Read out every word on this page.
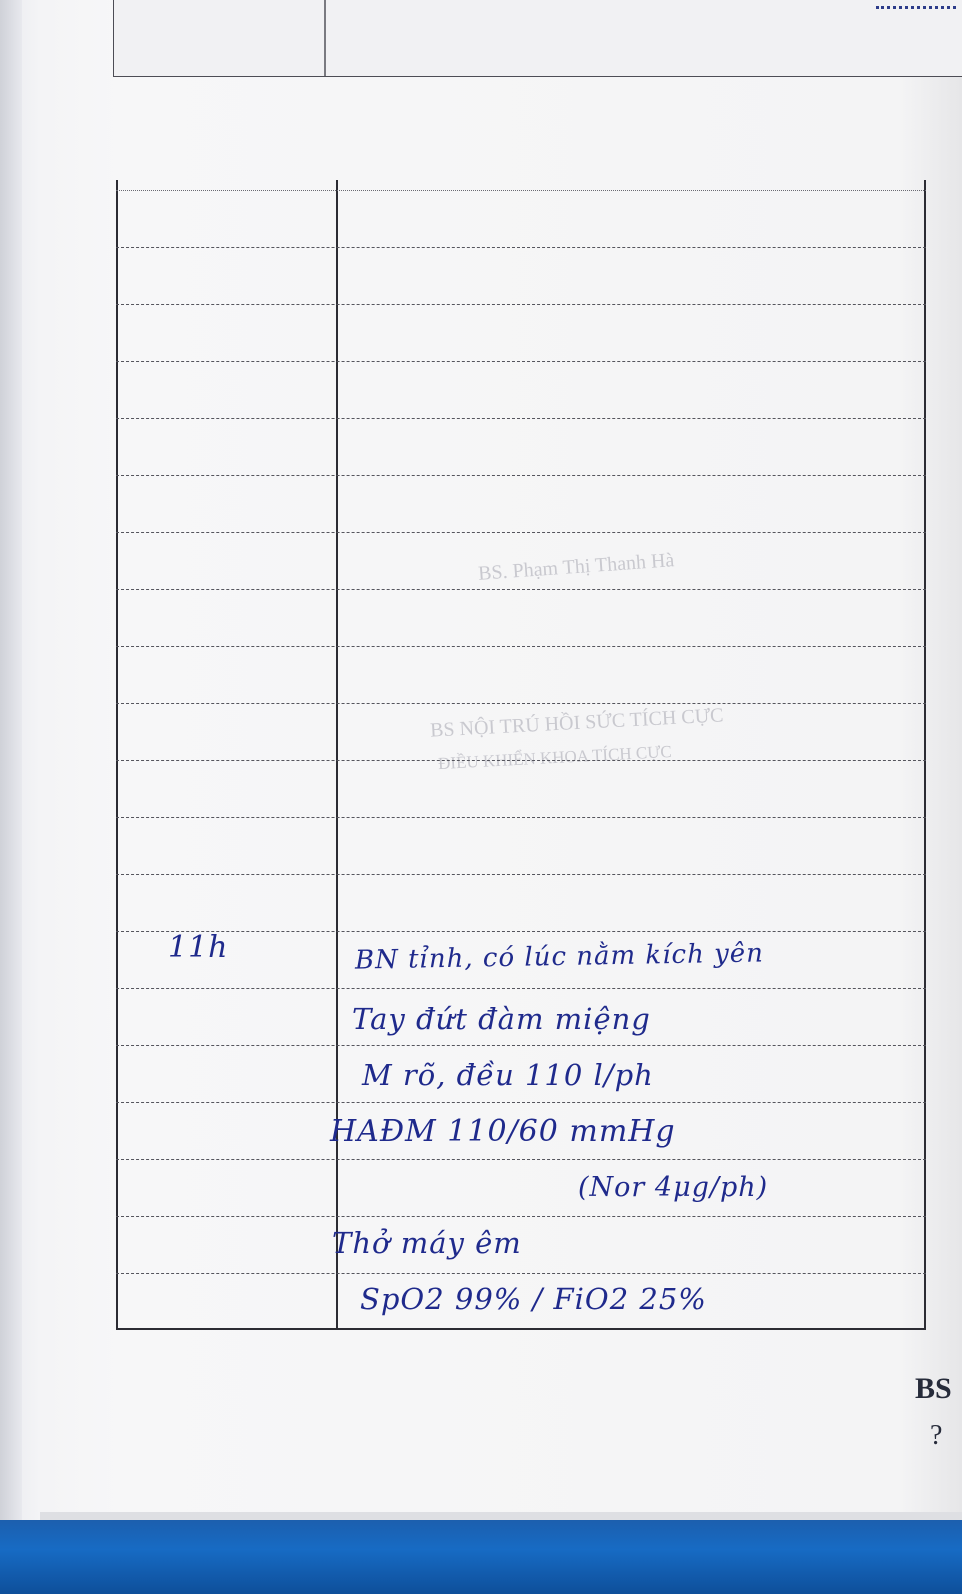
BS. Phạm Thị Thanh Hà

BS NỘI TRÚ HỒI SỨC TÍCH CỰC

ĐIỀU KHIỂN KHOA TÍCH CỰC

11h	BN tỉnh, có lúc nằm kích yên

Tay đứt đàm miệng

M rõ, đều 110 l/ph

HAĐM 110/60 mmHg

(Nor 4μg/ph)

Thở máy êm

SpO2 99% / FiO2 25%

BS

?
